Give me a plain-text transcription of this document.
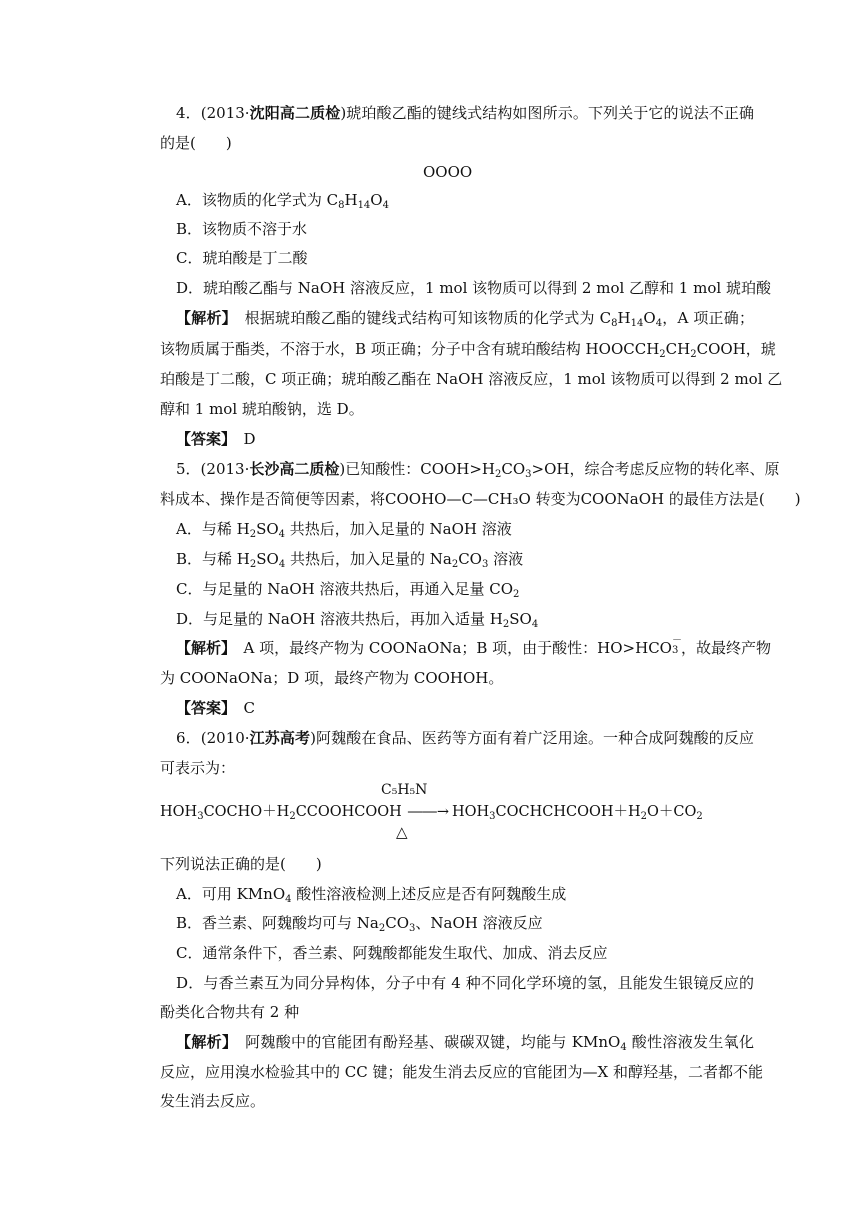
4．(2013·沈阳高二质检)琥珀酸乙酯的键线式结构如图所示。下列关于它的说法不正确
的是(　　)
OOOO
A．该物质的化学式为 $C_8H_{14}O_4$
B．该物质不溶于水
C．琥珀酸是丁二酸
D．琥珀酸乙酯与 NaOH 溶液反应，1 mol 该物质可以得到 2 mol 乙醇和 1 mol 琥珀酸
【解析】　根据琥珀酸乙酯的键线式结构可知该物质的化学式为 $C_8H_{14}O_4$，A 项正确；
该物质属于酯类，不溶于水，B 项正确；分子中含有琥珀酸结构 $HOOCCH_2CH_2COOH$，琥
珀酸是丁二酸，C 项正确；琥珀酸乙酯在 NaOH 溶液反应，1 mol 该物质可以得到 2 mol 乙
醇和 1 mol 琥珀酸钠，选 D。
【答案】　D
5．(2013·长沙高二质检)已知酸性：$COOH>H_2CO_3>OH$，综合考虑反应物的转化率、原
料成本、操作是否简便等因素，将COOHO—C—CH₃O 转变为COONaOH 的最佳方法是(　　)
A．与稀 $H_2SO_4$ 共热后，加入足量的 NaOH 溶液
B．与稀 $H_2SO_4$ 共热后，加入足量的 $Na_2CO_3$ 溶液
C．与足量的 NaOH 溶液共热后，再通入足量 $CO_2$
D．与足量的 NaOH 溶液共热后，再加入适量 $H_2SO_4$
【解析】　A 项，最终产物为 COONaONa；B 项，由于酸性：HO>HCO －
3 ，故最终产物
为 COONaONa；D 项，最终产物为 COOHOH。
【答案】　C
6．(2010·江苏高考)阿魏酸在食品、医药等方面有着广泛用途。一种合成阿魏酸的反应
可表示为：
C₅H₅N
$HOH_3COCHO+H_2CCOOHCOOH$ ――→ $HOH_3COCHCHCOOH+H_2O+CO_2$
△
下列说法正确的是(　　)
A．可用 KMnO$_4$ 酸性溶液检测上述反应是否有阿魏酸生成
B．香兰素、阿魏酸均可与 $Na_2CO_3$、NaOH 溶液反应
C．通常条件下，香兰素、阿魏酸都能发生取代、加成、消去反应
D．与香兰素互为同分异构体，分子中有 4 种不同化学环境的氢，且能发生银镜反应的
酚类化合物共有 2 种
【解析】　阿魏酸中的官能团有酚羟基、碳碳双键，均能与 KMnO$_4$ 酸性溶液发生氧化
反应，应用溴水检验其中的 CC 键；能发生消去反应的官能团为—X 和醇羟基，二者都不能
发生消去反应。
